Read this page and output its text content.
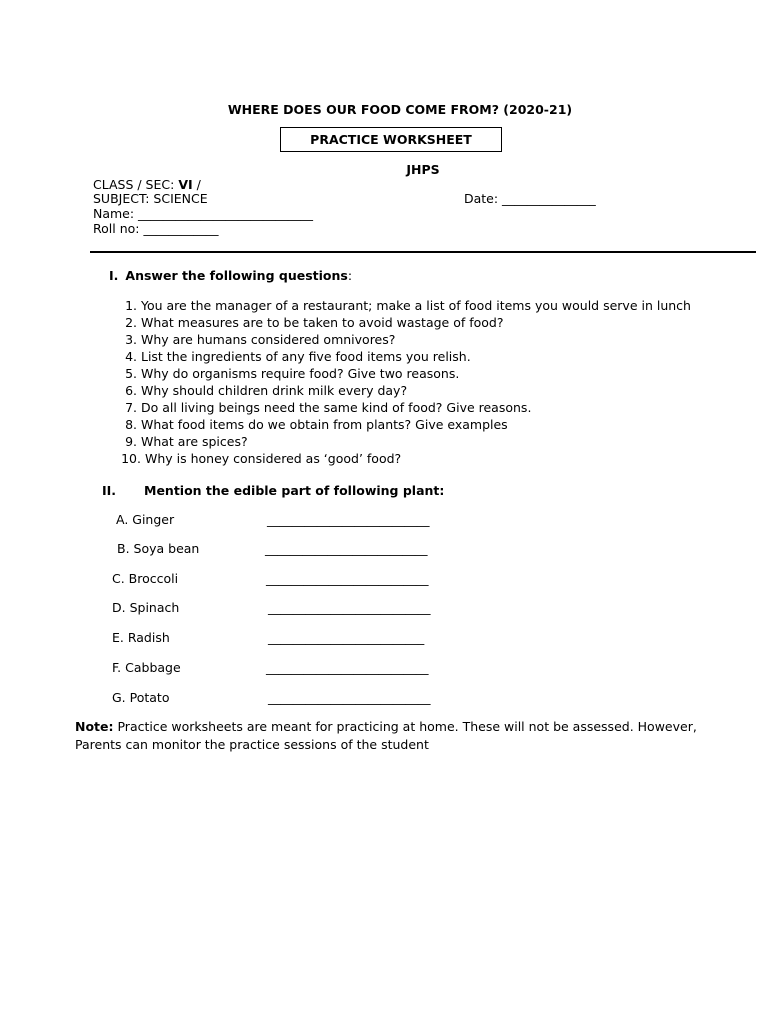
WHERE DOES OUR FOOD COME FROM? (2020-21)
PRACTICE WORKSHEET
JHPS
CLASS / SEC: VI /
SUBJECT: SCIENCE	Date: _______________
Name: ____________________________
Roll no: ____________
I. Answer the following questions:
1. You are the manager of a restaurant; make a list of food items you would serve in lunch
2. What measures are to be taken to avoid wastage of food?
3. Why are humans considered omnivores?
4. List the ingredients of any five food items you relish.
5. Why do organisms require food? Give two reasons.
6. Why should children drink milk every day?
7. Do all living beings need the same kind of food? Give reasons.
8. What food items do we obtain from plants? Give examples
9. What are spices?
10. Why is honey considered as ‘good’ food?
II. Mention the edible part of following plant:
A. Ginger	__________________________
B. Soya bean	__________________________
C. Broccoli	__________________________
D. Spinach	__________________________
E. Radish	_________________________
F. Cabbage	__________________________
G. Potato	__________________________
Note: Practice worksheets are meant for practicing at home. These will not be assessed. However, Parents can monitor the practice sessions of the student
